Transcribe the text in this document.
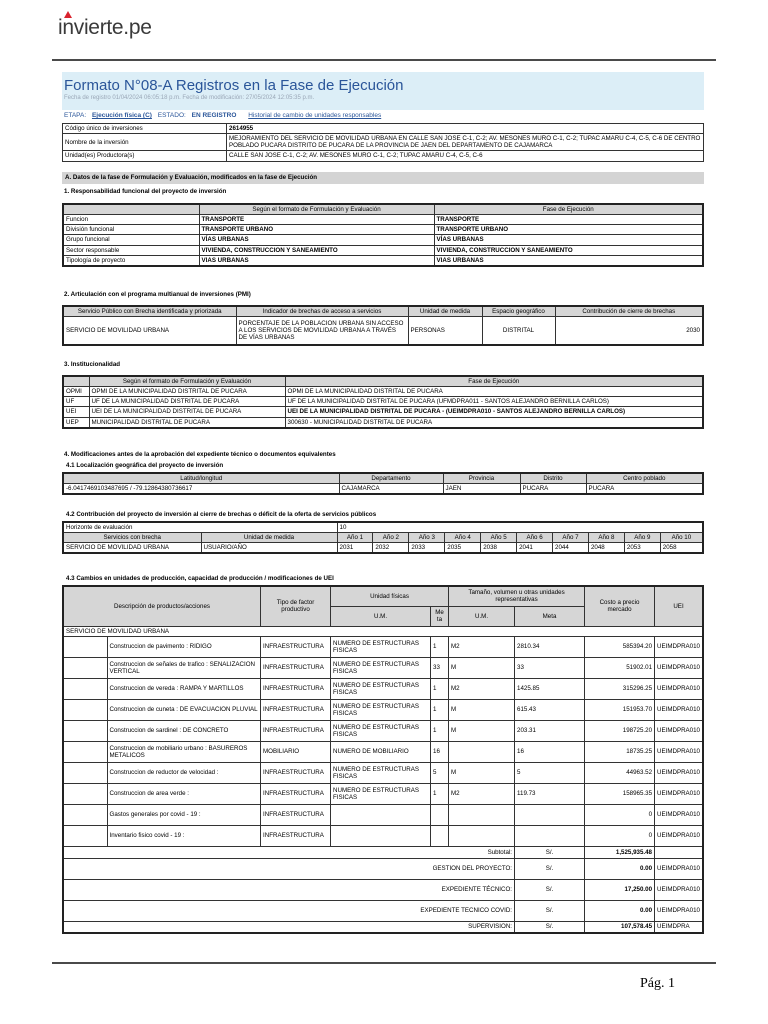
invierte.pe
Formato N°08-A Registros en la Fase de Ejecución
Fecha de registro 01/04/2024 06:05:18 p.m. Fecha de modificación: 27/05/2024 12:05:35 p.m.
ETAPA: Ejecución física (C) ESTADO: EN REGISTRO Historial de cambio de unidades responsables
Código único de inversiones	2614955
Nombre de la inversión	MEJORAMIENTO DEL SERVICIO DE MOVILIDAD URBANA EN CALLE SAN JOSE C-1, C-2; AV. MESONES MURO C-1, C-2; TUPAC AMARU C-4, C-5, C-6 DE CENTRO POBLADO PUCARA DISTRITO DE PUCARA DE LA PROVINCIA DE JAEN DEL DEPARTAMENTO DE CAJAMARCA
Unidad(es) Productora(s)	CALLE SAN JOSE C-1, C-2; AV. MESONES MURO C-1, C-2; TUPAC AMARU C-4, C-5, C-6
A. Datos de la fase de Formulación y Evaluación, modificados en la fase de Ejecución
1. Responsabilidad funcional del proyecto de inversión
	Según el formato de Formulación y Evaluación	Fase de Ejecución
Funcion	TRANSPORTE	TRANSPORTE
División funcional	TRANSPORTE URBANO	TRANSPORTE URBANO
Grupo funcional	VÍAS URBANAS	VÍAS URBANAS
Sector responsable	VIVIENDA, CONSTRUCCION Y SANEAMIENTO	VIVIENDA, CONSTRUCCION Y SANEAMIENTO
Tipología de proyecto	VIAS URBANAS	VIAS URBANAS
2. Articulación con el programa multianual de inversiones (PMI)
Servicio Público con Brecha identificada y priorizada	Indicador de brechas de acceso a servicios	Unidad de medida	Espacio geográfico	Contribución de cierre de brechas
SERVICIO DE MOVILIDAD URBANA	PORCENTAJE DE LA POBLACION URBANA SIN ACCESO A LOS SERVICIOS DE MOVILIDAD URBANA A TRAVÉS DE VÍAS URBANAS	PERSONAS	DISTRITAL	2030
3. Institucionalidad
	Según el formato de Formulación y Evaluación	Fase de Ejecución
OPMI	OPMI DE LA MUNICIPALIDAD DISTRITAL DE PUCARA	OPMI DE LA MUNICIPALIDAD DISTRITAL DE PUCARA
UF	UF DE LA MUNICIPALIDAD DISTRITAL DE PUCARA	UF DE LA MUNICIPALIDAD DISTRITAL DE PUCARA (UFMDPRA011 - SANTOS ALEJANDRO BERNILLA CARLOS)
UEI	UEI DE LA MUNICIPALIDAD DISTRITAL DE PUCARA	UEI DE LA MUNICIPALIDAD DISTRITAL DE PUCARA - (UEIMDPRA010 - SANTOS ALEJANDRO BERNILLA CARLOS)
UEP	MUNICIPALIDAD DISTRITAL DE PUCARA	300630 - MUNICIPALIDAD DISTRITAL DE PUCARA
4. Modificaciones antes de la aprobación del expediente técnico o documentos equivalentes
4.1 Localización geográfica del proyecto de inversión
Latitud/longitud	Departamento	Provincia	Distrito	Centro poblado
-6.0417469103487695 / -79.12864380736617	CAJAMARCA	JAEN	PUCARA	PUCARA
4.2 Contribución del proyecto de inversión al cierre de brechas o déficit de la oferta de servicios públicos
Horizonte de evaluación		10									
Servicios con brecha	Unidad de medida	Año 1	Año 2	Año 3	Año 4	Año 5	Año 6	Año 7	Año 8	Año 9	Año 10
SERVICIO DE MOVILIDAD URBANA	USUARIO/AÑO	2031	2032	2033	2035	2038	2041	2044	2048	2053	2058
4.3 Cambios en unidades de producción, capacidad de producción / modificaciones de UEI
Descripción de productos/acciones		Tipo de factor productivo	Unidad físicas		Tamaño, volumen u otras unidades representativas		Costo a precio mercado	UEI
			U.M.	Me ta	U.M.	Meta		
SERVICIO DE MOVILIDAD URBANA								
	Construccion de pavimento : RIDIGO	INFRAESTRUCTURA	NUMERO DE ESTRUCTURAS FISICAS	1	M2	2810.34	585394.20	UEIMDPRA010
	Construccion de señales de trafico : SENALIZACION VERTICAL	INFRAESTRUCTURA	NUMERO DE ESTRUCTURAS FISICAS	33	M	33	51902.01	UEIMDPRA010
	Construccion de vereda : RAMPA Y MARTILLOS	INFRAESTRUCTURA	NUMERO DE ESTRUCTURAS FISICAS	1	M2	1425.85	315296.25	UEIMDPRA010
	Construccion de cuneta : DE EVACUACION PLUVIAL	INFRAESTRUCTURA	NUMERO DE ESTRUCTURAS FISICAS	1	M	615.43	151953.70	UEIMDPRA010
	Construccion de sardinel : DE CONCRETO	INFRAESTRUCTURA	NUMERO DE ESTRUCTURAS FISICAS	1	M	203.31	198725.20	UEIMDPRA010
	Construccion de mobiliario urbano : BASUREROS METALICOS	MOBILIARIO	NUMERO DE MOBILIARIO	16		16	18735.25	UEIMDPRA010
	Construccion de reductor de velocidad :	INFRAESTRUCTURA	NUMERO DE ESTRUCTURAS FISICAS	5	M	5	44963.52	UEIMDPRA010
	Construccion de area verde :	INFRAESTRUCTURA	NUMERO DE ESTRUCTURAS FISICAS	1	M2	119.73	158965.35	UEIMDPRA010
	Gastos generales por covid - 19 :	INFRAESTRUCTURA					0	UEIMDPRA010
	Inventario fisico covid - 19 :	INFRAESTRUCTURA					0	UEIMDPRA010
Subtotal:						S/.	1,525,935.48	
GESTION DEL PROYECTO:						S/.	0.00	UEIMDPRA010
EXPEDIENTE TÉCNICO:						S/.	17,250.00	UEIMDPRA010
EXPEDIENTE TECNICO COVID:						S/.	0.00	UEIMDPRA010
SUPERVISION:						S/.	107,578.45	UEIMDPRA
Pág. 1
